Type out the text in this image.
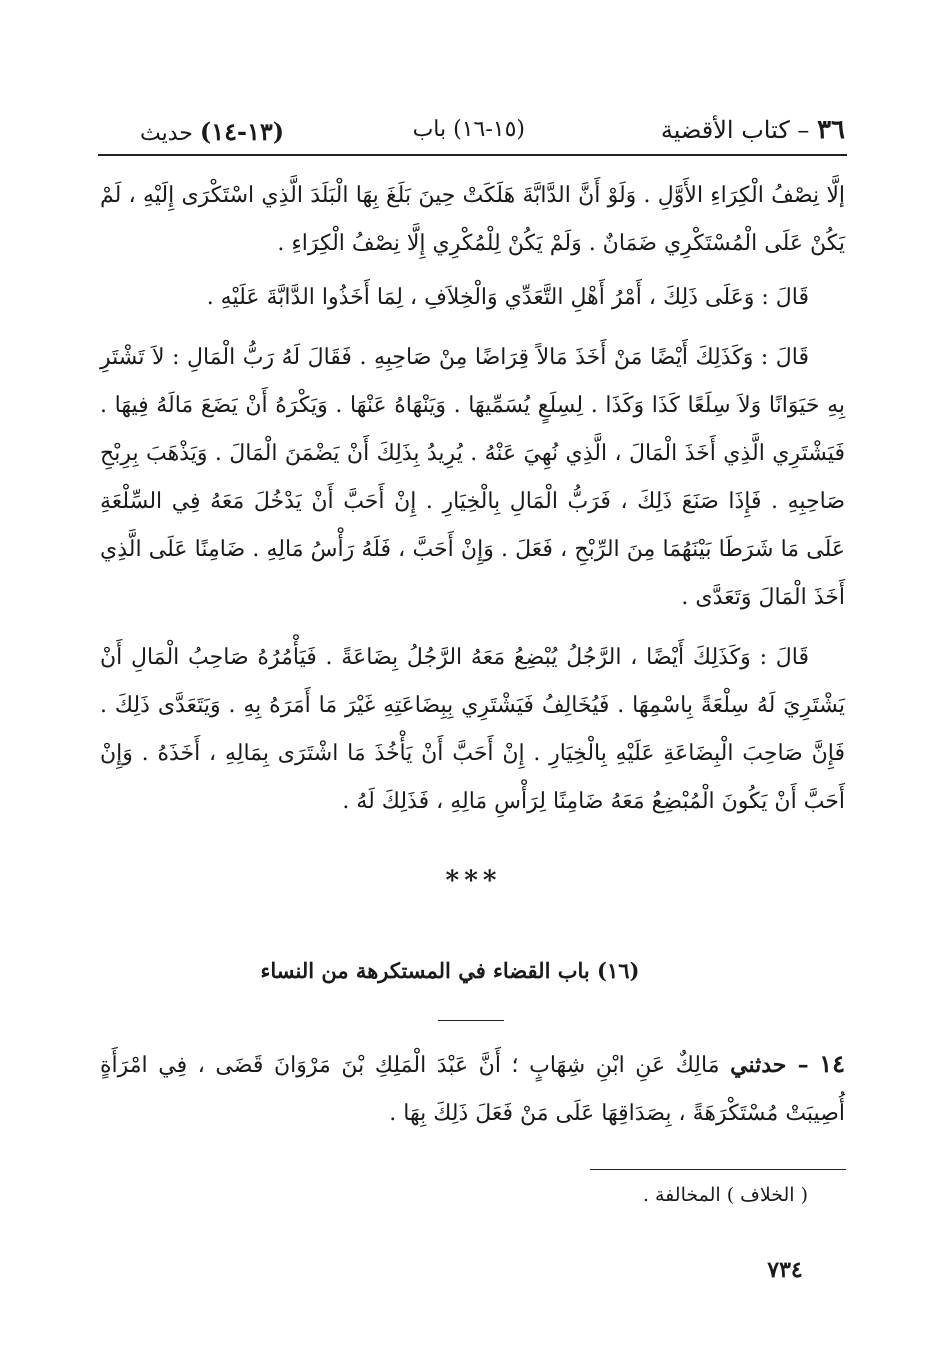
٣٦ – كتاب الأقضية
(١٥-١٦) باب
(١٣-١٤) حديث

إلَّا نِصْفُ الْكِرَاءِ الأَوَّلِ . وَلَوْ أَنَّ الدَّابَّةَ هَلَكَتْ حِينَ بَلَغَ بِهَا الْبَلَدَ الَّذِي اسْتَكْرَى إِلَيْهِ ، لَمْ يَكُنْ عَلَى الْمُسْتَكْرِي ضَمَانٌ . وَلَمْ يَكُنْ لِلْمُكْرِي إِلَّا نِصْفُ الْكِرَاءِ .

قَالَ : وَعَلَى ذَلِكَ ، أَمْرُ أَهْلِ التَّعَدِّي وَالْخِلاَفِ ، لِمَا أَخَذُوا الدَّابَّةَ عَلَيْهِ .

قَالَ : وَكَذَلِكَ أَيْضًا مَنْ أَخَذَ مَالاً قِرَاضًا مِنْ صَاحِبِهِ . فَقَالَ لَهُ رَبُّ الْمَالِ : لاَ تَشْتَرِ بِهِ حَيَوَانًا وَلاَ سِلَعًا كَذَا وَكَذَا . لِسِلَعٍ يُسَمِّيهَا . وَيَنْهَاهُ عَنْهَا . وَيَكْرَهُ أَنْ يَضَعَ مَالَهُ فِيهَا . فَيَشْتَرِي الَّذِي أَخَذَ الْمَالَ ، الَّذِي نُهِيَ عَنْهُ . يُرِيدُ بِذَلِكَ أَنْ يَضْمَنَ الْمَالَ . وَيَذْهَبَ بِرِبْحِ صَاحِبِهِ . فَإِذَا صَنَعَ ذَلِكَ ، فَرَبُّ الْمَالِ بِالْخِيَارِ . إِنْ أَحَبَّ أَنْ يَدْخُلَ مَعَهُ فِي السِّلْعَةِ عَلَى مَا شَرَطَا بَيْنَهُمَا مِنَ الرِّبْحِ ، فَعَلَ . وَإِنْ أَحَبَّ ، فَلَهُ رَأْسُ مَالِهِ . ضَامِنًا عَلَى الَّذِي أَخَذَ الْمَالَ وَتَعَدَّى .

قَالَ : وَكَذَلِكَ أَيْضًا ، الرَّجُلُ يُبْضِعُ مَعَهُ الرَّجُلُ بِضَاعَةً . فَيَأْمُرُهُ صَاحِبُ الْمَالِ أَنْ يَشْتَرِيَ لَهُ سِلْعَةً بِاسْمِهَا . فَيُخَالِفُ فَيَشْتَرِي بِبِضَاعَتِهِ غَيْرَ مَا أَمَرَهُ بِهِ . وَيَتَعَدَّى ذَلِكَ . فَإِنَّ صَاحِبَ الْبِضَاعَةِ عَلَيْهِ بِالْخِيَارِ . إِنْ أَحَبَّ أَنْ يَأْخُذَ مَا اشْتَرَى بِمَالِهِ ، أَخَذَهُ . وَإِنْ أَحَبَّ أَنْ يَكُونَ الْمُبْضِعُ مَعَهُ ضَامِنًا لِرَأْسِ مَالِهِ ، فَذَلِكَ لَهُ .

* * *
(١٦) باب القضاء في المستكرهة من النساء
١٤ – حدثني مَالِكٌ عَنِ ابْنِ شِهَابٍ ؛ أَنَّ عَبْدَ الْمَلِكِ بْنَ مَرْوَانَ قَضَى ، فِي امْرَأَةٍ أُصِيبَتْ مُسْتَكْرَهَةً ، بِصَدَاقِهَا عَلَى مَنْ فَعَلَ ذَلِكَ بِهَا .
( الخلاف ) المخالفة .
٧٣٤
